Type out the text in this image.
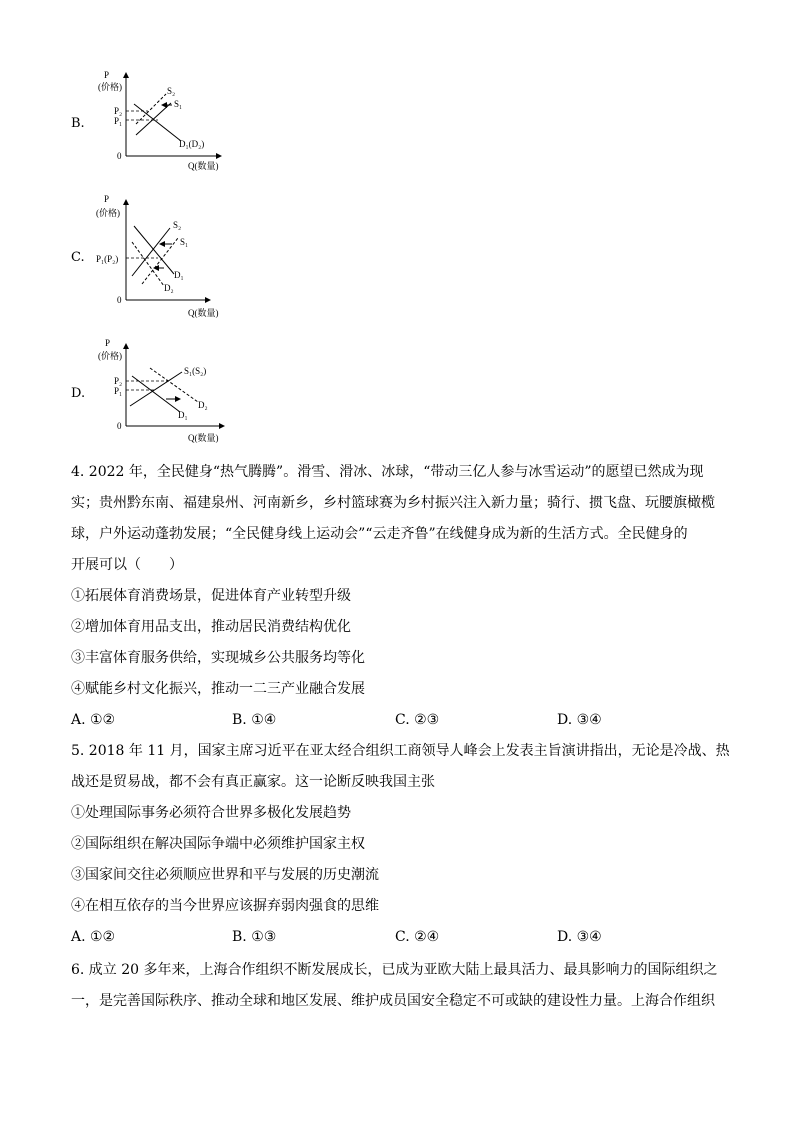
B.
P
(价格)
P₂
P₁
S₂
S₁
D₁(D₂)
0
Q(数量)
C.
P
(价格)
P₁(P₂)
S₂
S₁
D₁
D₂
0
Q(数量)
D.
P
(价格)
P₂
P₁
S₁(S₂)
D₂
D₁
0
Q(数量)
4. 2022 年，全民健身“热气腾腾”。滑雪、滑冰、冰球，“带动三亿人参与冰雪运动”的愿望已然成为现
实；贵州黔东南、福建泉州、河南新乡，乡村篮球赛为乡村振兴注入新力量；骑行、掼飞盘、玩腰旗橄榄
球，户外运动蓬勃发展；“全民健身线上运动会”“云走齐鲁”在线健身成为新的生活方式。全民健身的
开展可以（　　）
①拓展体育消费场景，促进体育产业转型升级
②增加体育用品支出，推动居民消费结构优化
③丰富体育服务供给，实现城乡公共服务均等化
④赋能乡村文化振兴，推动一二三产业融合发展
A. ①②	B. ①④	C. ②③	D. ③④
5. 2018 年 11 月，国家主席习近平在亚太经合组织工商领导人峰会上发表主旨演讲指出，无论是冷战、热
战还是贸易战，都不会有真正赢家。这一论断反映我国主张
①处理国际事务必须符合世界多极化发展趋势
②国际组织在解决国际争端中必须维护国家主权
③国家间交往必须顺应世界和平与发展的历史潮流
④在相互依存的当今世界应该摒弃弱肉强食的思维
A. ①②	B. ①③	C. ②④	D. ③④
6. 成立 20 多年来，上海合作组织不断发展成长，已成为亚欧大陆上最具活力、最具影响力的国际组织之
一，是完善国际秩序、推动全球和地区发展、维护成员国安全稳定不可或缺的建设性力量。上海合作组织
